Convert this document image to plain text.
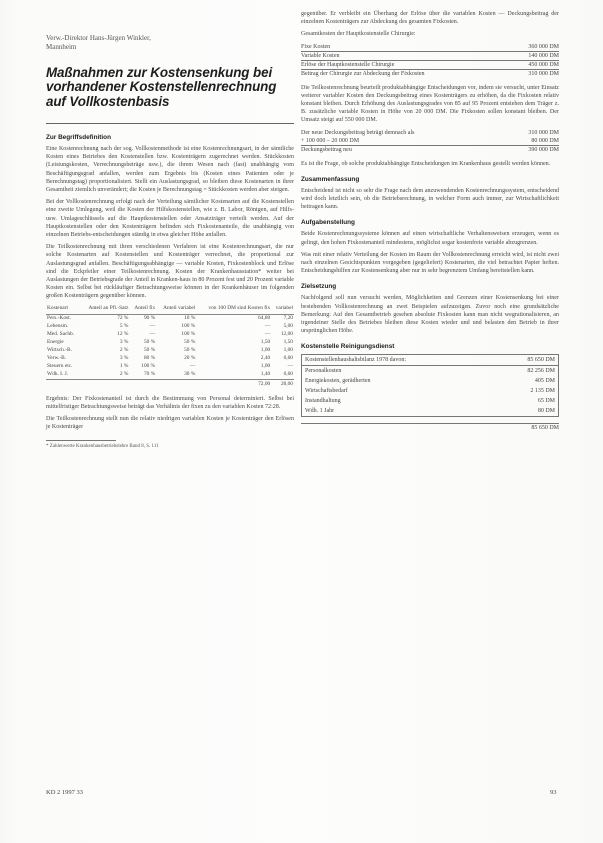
Verw.-Direktor Hans-Jürgen Winkler,

Mannheim

Maßnahmen zur Kostensenkung bei vorhandener Kostenstellenrechnung auf Vollkostenbasis
Zur Begriffsdefinition

Eine Kostenrechnung nach der sog. Vollkostenmethode ist eine Kostenrechnungsart, in der sämtliche Kosten eines Betriebes den Kostenstellen bzw. Kostenträgern zugerechnet werden. Stückkosten (Leistungskosten, Verrechnungsbeträge usw.), die ihrem Wesen nach (fast) unabhängig vom Beschäftigungsgrad anfallen, werden zum Ergebnis bis (Kosten eines Patienten oder je Berechnungstag) proportionalisiert. Stellt ein Auslastungsgrad, so bleiben diese Kostenarten in ihrer Gesamtheit ziemlich unverändert; die Kosten je Berechnungstag = Stückkosten werden aber steigen.

Bei der Vollkostenrechnung erfolgt nach der Verteilung sämtlicher Kostenarten auf die Kostenstellen eine zweite Umlegung, weil die Kosten der Hilfskostenstellen, wie z. B. Labor, Röntgen, auf Hilfs- usw. Umlageschlüssels auf die Hauptkostenstellen oder Ansatzträger verteilt werden. Auf der Hauptkostenstellen oder den Kostenträgern befinden sich Fixkostenanteile, die unabhängig von einzelnen Betriebs-entscheidungen ständig in etwa gleicher Höhe anfallen.

Die Teilkostenrechnung mit ihren verschiedenen Verfahren ist eine Kostenrechnungsart, die nur solche Kostenarten auf Kostenstellen und Kostenträger verrechnet, die proportional zur Auslastungsgrad anfallen. Beschäftigungsabhängige — variable Kosten, Fixkostenblock und Erlöse sind die Eckpfeiler einer Teilkostenrechnung. Kosten der Krankenhausstation* weiter bei Auslastungen der Betriebsgrade der Anteil in Kranken-haus in 80 Prozent fest und 20 Prozent variable Kosten ein. Selbst bei rückläufiger Betrachtungsweise können in der Krankenhäuser im folgenden großen Kostenträgern gegenüber können.

Kostenart	Anteil an Pfl.-Satz	Anteil fix	Anteil variabel	von 100 DM sind Kosten fix	variabel
Pers.-Kost.	72 %	90 %	10 %	64,80	7,20
Lebensm.	5 %	—	100 %	—	5,00
Med. Sachb.	12 %	—	100 %	—	12,00
Energie	3 %	50 %	50 %	1,50	1,50
Wirtsch.-B.	2 %	50 %	50 %	1,00	1,00
Verw.-B.	3 %	80 %	20 %	2,40	0,60
Steuern etc.	1 %	100 %	—	1,00	—
Wdh. I. J.	2 %	70 %	30 %	1,40	0,60
				72,00	28,00

Ergebnis: Der Fixkostenanteil ist durch die Bestimmung von Personal determiniert. Selbst bei mittelfristiger Betrachtungsweise beträgt das Verhältnis der fixen zu den variablen Kosten 72:28.

Die Teilkostenrechnung stellt nun die relativ niedrigen variablen Kosten je Kostenträger den Erlösen je Kostenträger

* Zahlenwerte Krankenhausbetriebslehre Band 8, S. 111

gegenüber. Er verbleibt ein Überhang der Erlöse über die variablen Kosten — Deckungsbeitrag der einzelnen Kostenträgers zur Abdeckung des gesamten Fixkosten.

Gesamtkosten der Hauptkostenstelle Chirurgie:

Fixe Kosten	360 000 DM
Variable Kosten	140 000 DM
Erlöse der Hauptkostenstelle Chirurgie	450 000 DM
Beitrag der Chirurgie zur Abdeckung der Fixkosten	310 000 DM

Die Teilkostenrechnung beurteilt produktabhängige Entscheidungen vor, indem sie versucht, unter Einsatz weiterer variabler Kosten den Deckungsbeitrag eines Kostenträgers zu erhöhen, da die Fixkosten relativ konstant bleiben. Durch Erhöhung des Auslastungsgrades von 85 auf 95 Prozent entstehen dem Träger z. B. zusätzliche variable Kosten in Höhe von 20 000 DM. Die Fixkosten sollen konstant bleiben. Der Umsatz steigt auf 550 000 DM.

Der neue Deckungsbeitrag beträgt demnach als	310 000 DM
+ 100 000 – 20 000 DM	80 000 DM
Deckungsbeitrag neu	390 000 DM

Es ist die Frage, ob solche produktabhängige Entscheidungen im Krankenhaus gestellt werden können.

Zusammenfassung

Entscheidend ist nicht so sehr die Frage nach dem anzuwendenden Kostenrechnungssystem, entscheidend wird doch letztlich sein, ob die Betriebsrechnung, in welcher Form auch immer, zur Wirtschaftlichkeit beitragen kann.

Aufgabenstellung

Beide Kostenrechnungssysteme können auf einen wirtschaftliche Verhaltensweisen erzeugen, wenn es gelingt, den hohen Fixkostenanteil mindestens, möglichst sogar kostenfreie variable abzugrenzen.

Was mit einer relativ Verteilung der Kosten im Raum der Vollkostenrechnung erreicht wird, ist nicht zwei nach einzelnen Gesichtspunkten vorgegeben (gegeliefert) Kostenarten, die viel betrachtet Papier heften. Entscheidungshilfen zur Kostensenkung aber nur in sehr begrenztem Umfang bereitstellen kann.

Zielsetzung

Nachfolgend soll nun versucht werden, Möglichkeiten und Grenzen einer Kostensenkung bei einer bestehenden Vollkostenrechnung an zwei Beispielen aufzuzeigen. Zuvor noch eine grundsätzliche Bemerkung: Auf den Gesamtbetrieb gesehen absolute Fixkosten kann man nicht wegrationalisieren, an irgendeiner Stelle des Betriebes bleiben diese Kosten wieder und und belasten den Betrieb in ihrer ursprünglichen Höhe.

Kostenstelle Reinigungsdienst
Kostenstellenhaushaltsbilanz 1978 davon:	85 650 DM
Personalkosten	82 256 DM
Energiekosten, gerädherten	405 DM
Wirtschaftsbedarf	2 135 DM
Instandhaltung	65 DM
Wdh. 1 Jahr	80 DM
	85 650 DM
KD 2 1997 33	93
